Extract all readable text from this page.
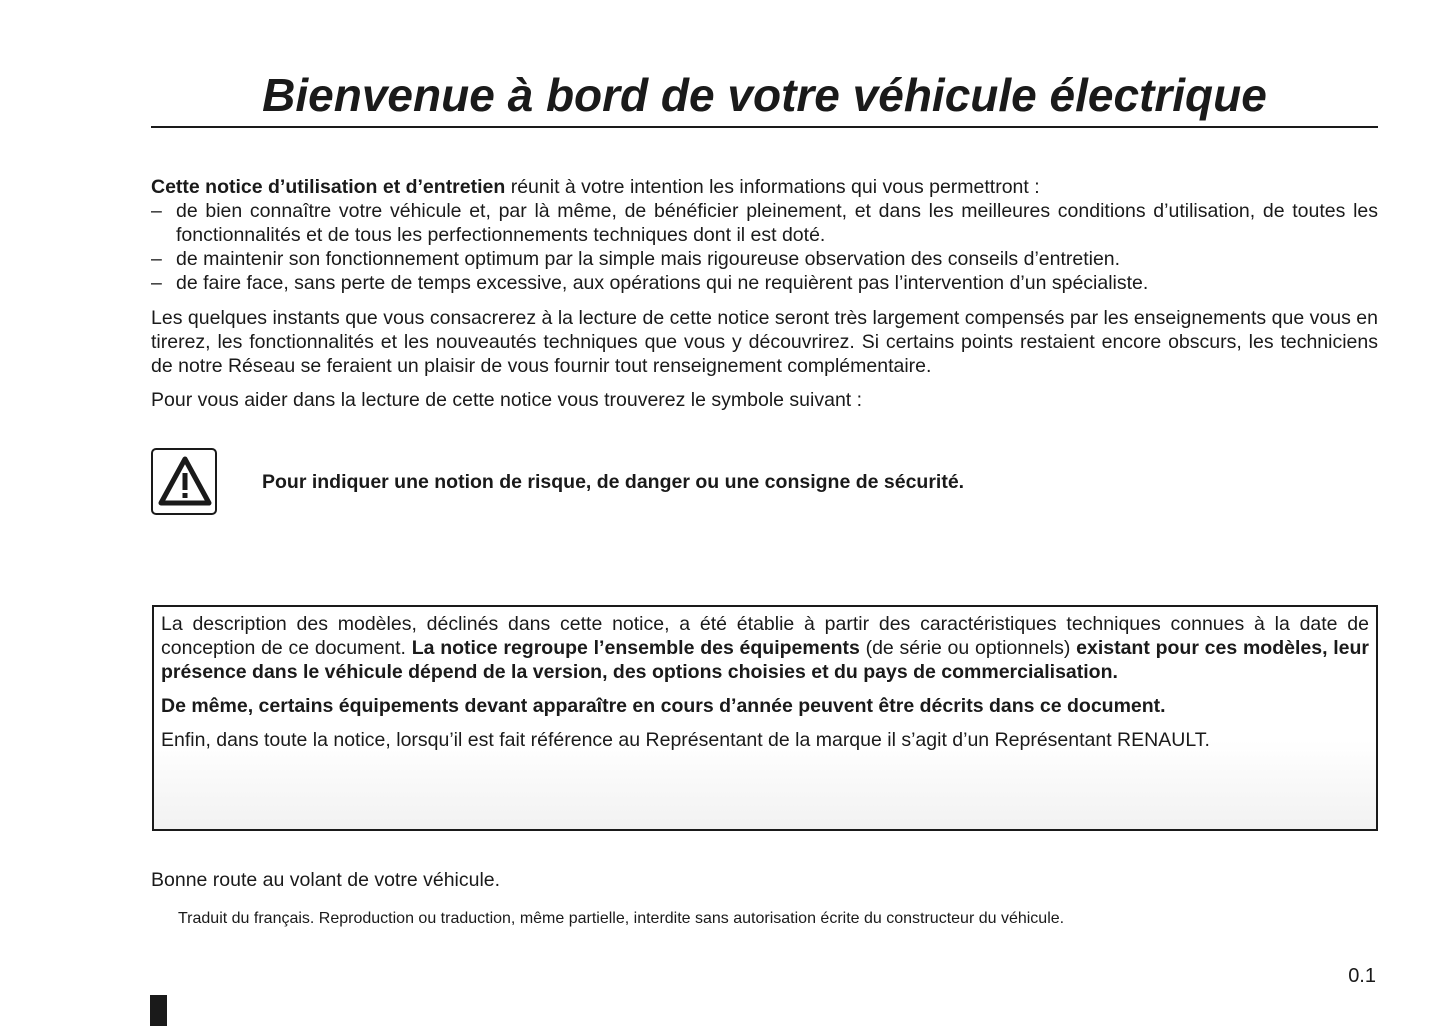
Bienvenue à bord de votre véhicule électrique

Cette notice d’utilisation et d’entretien réunit à votre intention les informations qui vous permettront :

– de bien connaître votre véhicule et, par là même, de bénéficier pleinement, et dans les meilleures conditions d’utilisation, de toutes les fonctionnalités et de tous les perfectionnements techniques dont il est doté.
– de maintenir son fonctionnement optimum par la simple mais rigoureuse observation des conseils d’entretien.
– de faire face, sans perte de temps excessive, aux opérations qui ne requièrent pas l’intervention d’un spécialiste.
Les quelques instants que vous consacrerez à la lecture de cette notice seront très largement compensés par les enseignements que vous en tirerez, les fonctionnalités et les nouveautés techniques que vous y découvrirez. Si certains points restaient encore obscurs, les techniciens de notre Réseau se feraient un plaisir de vous fournir tout renseignement complémentaire.
Pour vous aider dans la lecture de cette notice vous trouverez le symbole suivant :
Pour indiquer une notion de risque, de danger ou une consigne de sécurité.

La description des modèles, déclinés dans cette notice, a été établie à partir des caractéristiques techniques connues à la date de conception de ce document. La notice regroupe l’ensemble des équipements (de série ou optionnels) existant pour ces modèles, leur présence dans le véhicule dépend de la version, des options choisies et du pays de commercialisation.

De même, certains équipements devant apparaître en cours d’année peuvent être décrits dans ce document.

Enfin, dans toute la notice, lorsqu’il est fait référence au Représentant de la marque il s’agit d’un Représentant RENAULT.

Bonne route au volant de votre véhicule.
Traduit du français. Reproduction ou traduction, même partielle, interdite sans autorisation écrite du constructeur du véhicule.
0.1
